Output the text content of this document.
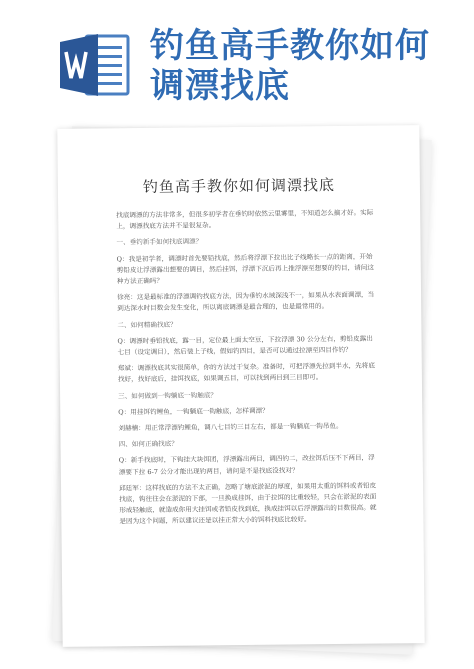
钓鱼高手教你如何
调漂找底
钓鱼高手教你如何调漂找底

找底调漂的方法非常多，但很多初学者在垂钓时依然云里雾里，不知道怎么搞才好。实际上，调漂找底方法并不是很复杂。

一、垂钓新手如何找底调漂？

Q：我是初学者，调漂时首先要铅找底，然后将浮漂下拉出比子线略长一点的距离，开始剪铅皮让浮漂露出想要的调目，然后挂饵，浮漂下沉后再上推浮漂至想要的钓目，请问这种方法正确吗？

徐亮：这是最标准的浮漂调钓找底方法，因为垂钓水域深浅不一，如果从水表面调漂，当到达深水时目数会发生变化，所以离底调漂是最合理的，也是最常用的。

二、如何精确找底？

Q：调漂时垂铅找底，露一目，定位最上面太空豆，下拉浮漂 30 公分左右，剪铅皮露出七目（设定调目），然后装上子线，假如钓四目，是否可以通过拉漂至四目作钓？

郑斌：调漂找底其实很简单，你的方法过于复杂。准备时，可把浮漂先拉到半水，先将底找好，找好底后，挂饵找底，如果调五目，可以找到两目到三目即可。

三、如何做到一钩躺底一钩触底？

Q：用挂饵钓鲤鱼，一钩躺底一钩触底，怎样调漂？

刘赫楠：用正常浮漂钓鲤鱼，调八七目钓三目左右，都是一钩躺底一钩吊鱼。

四、如何正确找底？

Q：新手找底时，下钩挂大块饵团，浮漂露出两目，调四钓二，改拉饵后压不下两目，浮漂要下拉 6-7 公分才能出现钓两目，请问是不是找底没找对？

邱廷军：这样找底的方法不太正确，忽略了塘底淤泥的厚度，如果用太重的饵料或者铅皮找底，钩往往会在淤泥的下部，一旦换成挂饵，由于拉饵的比重较轻，只会在淤泥的表面形成轻触底，就造成你用大挂饵或者铅皮找到底，换成挂饵以后浮漂露出的目数很高。就是因为这个问题，所以建议还是以挂正常大小的饵料找底比较好。
